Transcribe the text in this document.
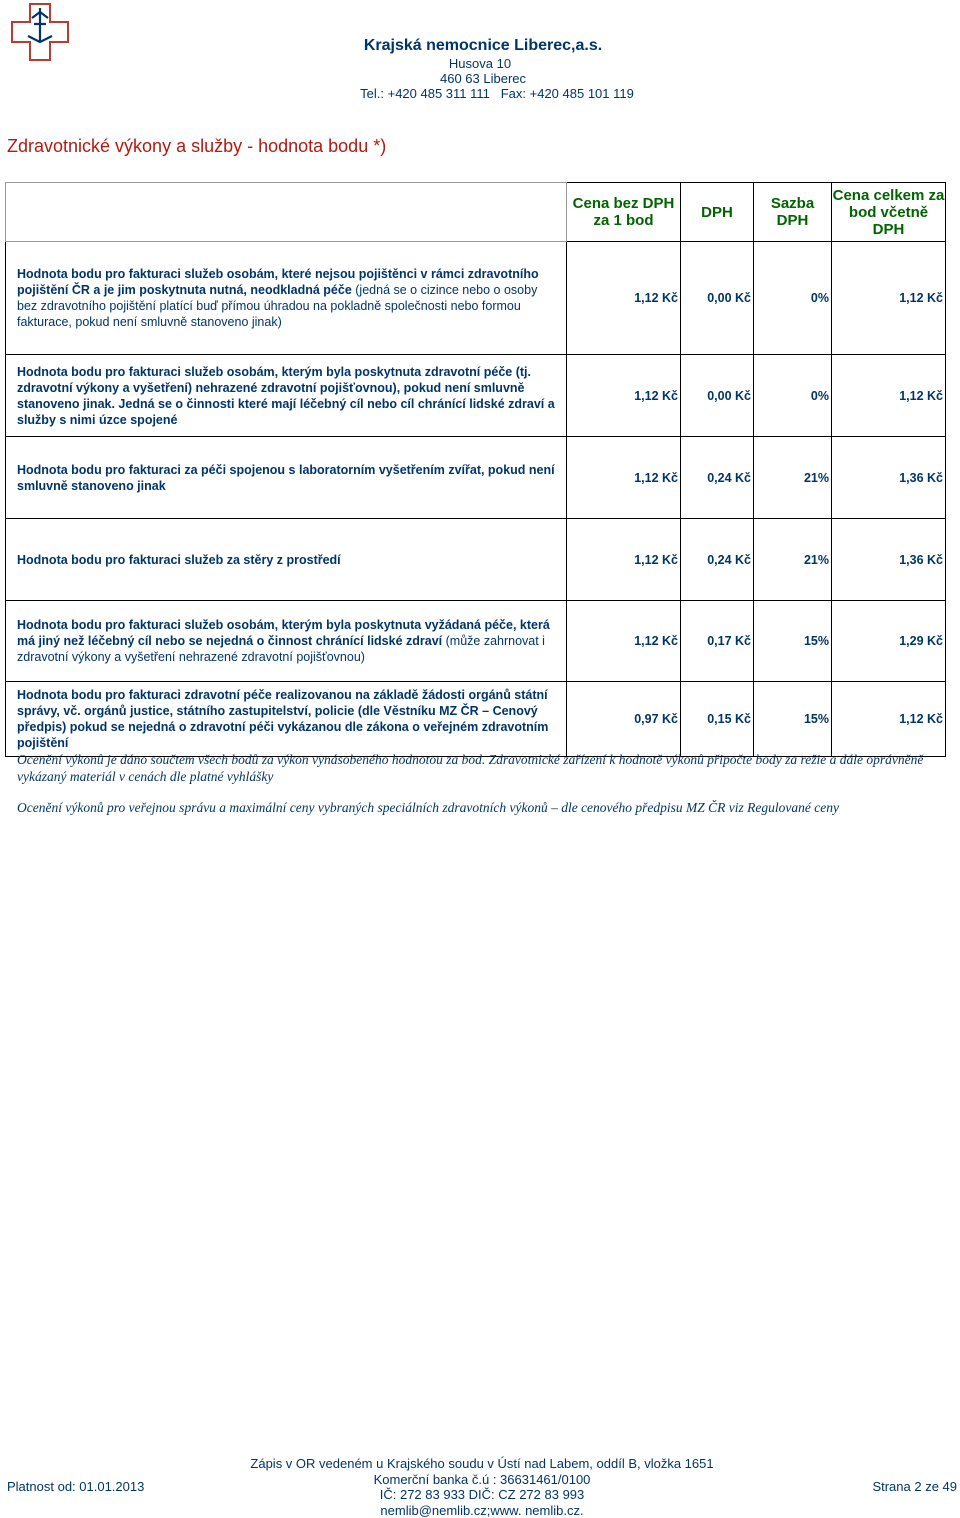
Krajská nemocnice Liberec,a.s.
Husova 10
460 63 Liberec
Tel.: +420 485 311 111   Fax: +420 485 101 119
Zdravotnické výkony a služby - hodnota bodu *)
	Cena bez DPH za 1 bod	DPH	Sazba DPH	Cena celkem za bod včetně DPH
Hodnota bodu pro fakturaci služeb osobám, které nejsou pojištěnci v rámci zdravotního pojištění ČR a je jim poskytnuta nutná, neodkladná péče (jedná se o cizince nebo o osoby bez zdravotního pojištění platící buď přímou úhradou na pokladně společnosti nebo formou fakturace, pokud není smluvně stanoveno jinak)	1,12 Kč	0,00 Kč	0%	1,12 Kč
Hodnota bodu pro fakturaci služeb osobám, kterým byla poskytnuta zdravotní péče (tj. zdravotní výkony a vyšetření) nehrazené zdravotní pojišťovnou), pokud není smluvně stanoveno jinak. Jedná se o činnosti které mají léčebný cíl nebo cíl chránící lidské zdraví a služby s nimi úzce spojené	1,12 Kč	0,00 Kč	0%	1,12 Kč
Hodnota bodu pro fakturaci za péči spojenou s laboratorním vyšetřením zvířat, pokud není smluvně stanoveno jinak	1,12 Kč	0,24 Kč	21%	1,36 Kč
Hodnota bodu pro fakturaci služeb za stěry z prostředí	1,12 Kč	0,24 Kč	21%	1,36 Kč
Hodnota bodu pro fakturaci služeb osobám, kterým byla poskytnuta vyžádaná péče, která má jiný než léčebný cíl nebo se nejedná o činnost chránící lidské zdraví (může zahrnovat i zdravotní výkony a vyšetření nehrazené zdravotní pojišťovnou)	1,12 Kč	0,17 Kč	15%	1,29 Kč
Hodnota bodu pro fakturaci zdravotní péče realizovanou na základě žádosti orgánů státní správy, vč. orgánů justice, státního zastupitelství, policie (dle Věstníku MZ ČR – Cenový předpis) pokud se nejedná o zdravotní péči vykázanou dle zákona o veřejném zdravotním pojištění	0,97 Kč	0,15 Kč	15%	1,12 Kč
Ocenění výkonů je dáno součtem všech bodů za výkon vynásobeného hodnotou za bod. Zdravotnické zařízení k hodnotě výkonů připočte body za režie a dále oprávněně vykázaný materiál v cenách dle platné vyhlášky
Ocenění výkonů pro veřejnou správu a maximální ceny vybraných speciálních zdravotních výkonů – dle cenového předpisu MZ ČR viz Regulované ceny
Zápis v OR vedeném u Krajského soudu v Ústí nad Labem, oddíl B, vložka 1651
Komerční banka č.ú : 36631461/0100
IČ: 272 83 933 DIČ: CZ 272 83 993
nemlib@nemlib.cz;www. nemlib.cz.
Platnost od: 01.01.2013	Strana 2 ze 49
